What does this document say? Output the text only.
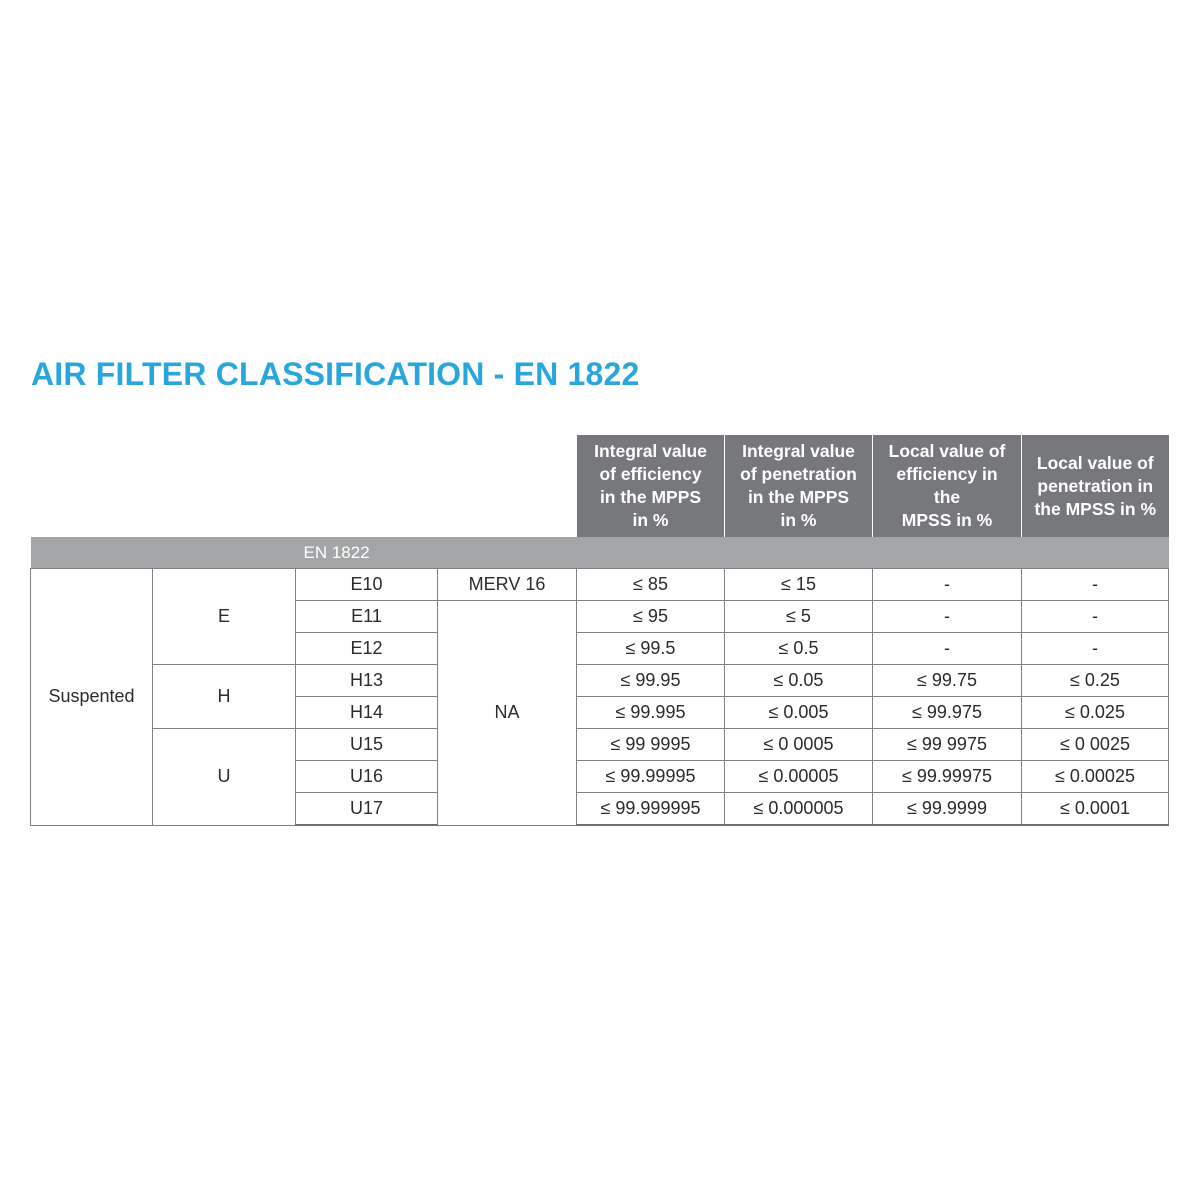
AIR FILTER CLASSIFICATION - EN 1822
				Integral value
of efficiency
in the MPPS
in %	Integral value
of penetration
in the MPPS
in %	Local value of
efficiency in
the
MPSS in %	Local value of
penetration in
the MPSS in %
		EN 1822					
Suspented	E	E10	MERV 16	≤ 85	≤ 15	-	-
		E11	NA	≤ 95	≤ 5	-	-
		E12		≤ 99.5	≤ 0.5	-	-
	H	H13		≤ 99.95	≤ 0.05	≤ 99.75	≤ 0.25
		H14		≤ 99.995	≤ 0.005	≤ 99.975	≤ 0.025
	U	U15		≤ 99 9995	≤ 0 0005	≤ 99 9975	≤ 0 0025
		U16		≤ 99.99995	≤ 0.00005	≤ 99.99975	≤ 0.00025
		U17		≤ 99.999995	≤ 0.000005	≤ 99.9999	≤ 0.0001
